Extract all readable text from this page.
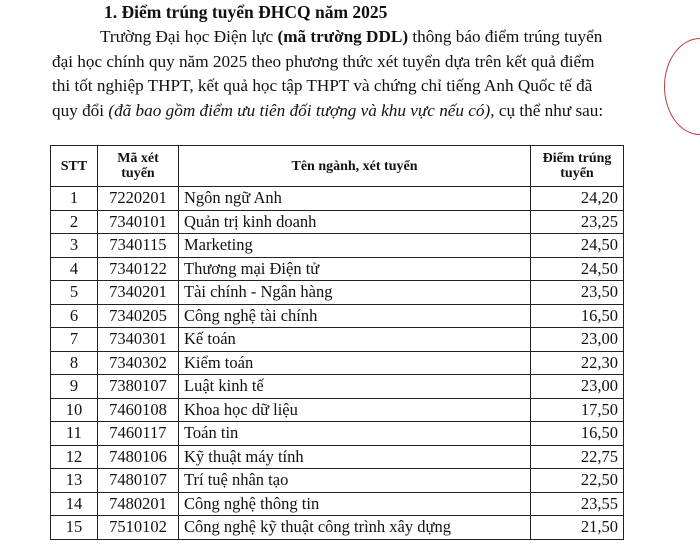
1. Điểm trúng tuyển ĐHCQ năm 2025
Trường Đại học Điện lực (mã trường DDL) thông báo điểm trúng tuyển
đại học chính quy năm 2025 theo phương thức xét tuyển dựa trên kết quả điểm
thi tốt nghiệp THPT, kết quả học tập THPT và chứng chỉ tiếng Anh Quốc tế đã
quy đổi (đã bao gồm điểm ưu tiên đối tượng và khu vực nếu có), cụ thể như sau:
STT	Mã xét tuyển	Tên ngành, xét tuyển	Điểm trúng tuyển
1	7220201	Ngôn ngữ Anh	24,20
2	7340101	Quản trị kinh doanh	23,25
3	7340115	Marketing	24,50
4	7340122	Thương mại Điện tử	24,50
5	7340201	Tài chính - Ngân hàng	23,50
6	7340205	Công nghệ tài chính	16,50
7	7340301	Kế toán	23,00
8	7340302	Kiểm toán	22,30
9	7380107	Luật kinh tế	23,00
10	7460108	Khoa học dữ liệu	17,50
11	7460117	Toán tin	16,50
12	7480106	Kỹ thuật máy tính	22,75
13	7480107	Trí tuệ nhân tạo	22,50
14	7480201	Công nghệ thông tin	23,55
15	7510102	Công nghệ kỹ thuật công trình xây dựng	21,50
